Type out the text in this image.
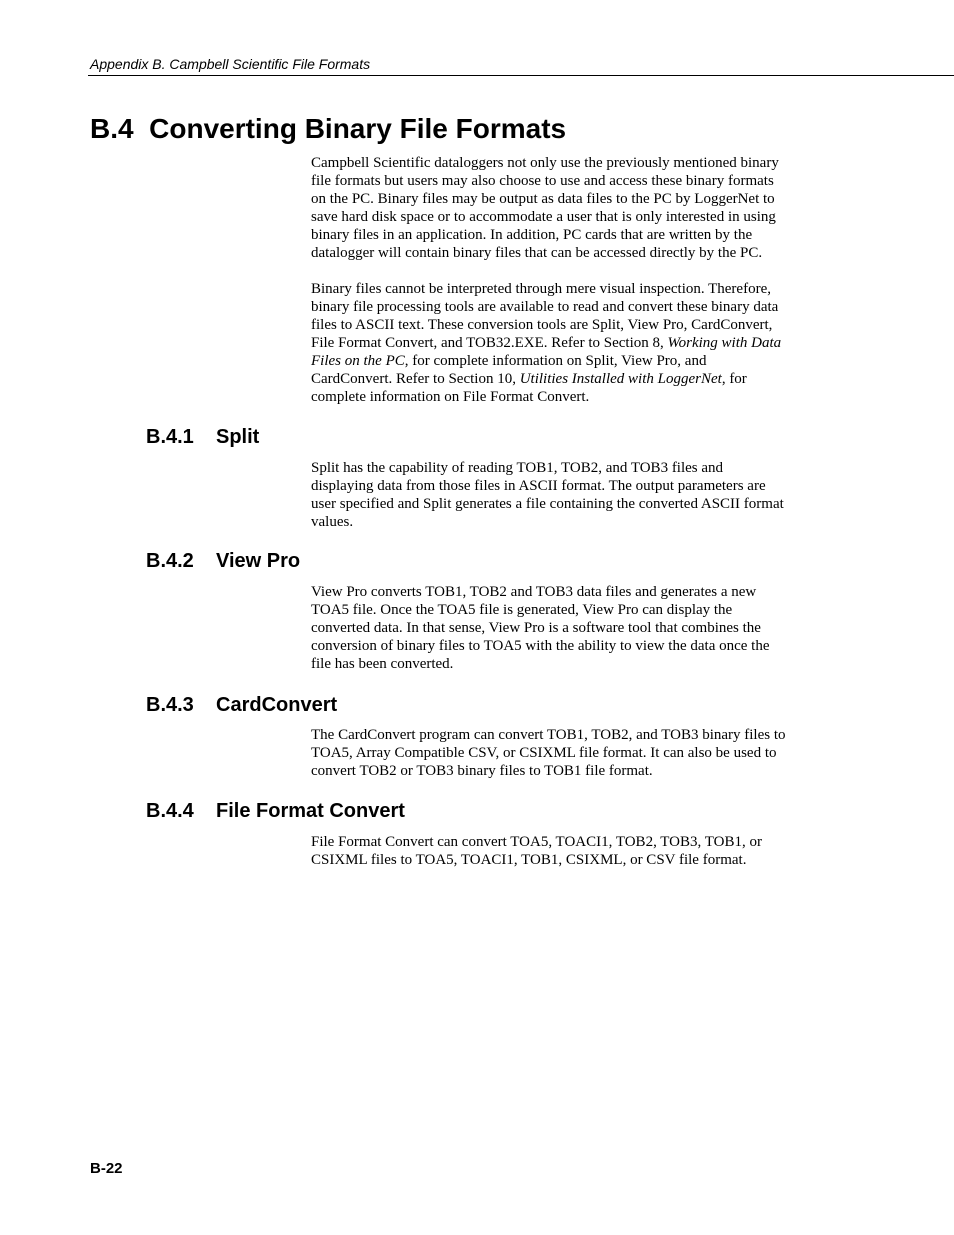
Appendix B. Campbell Scientific File Formats
B.4 Converting Binary File Formats

Campbell Scientific dataloggers not only use the previously mentioned binary
file formats but users may also choose to use and access these binary formats
on the PC. Binary files may be output as data files to the PC by LoggerNet to
save hard disk space or to accommodate a user that is only interested in using
binary files in an application. In addition, PC cards that are written by the
datalogger will contain binary files that can be accessed directly by the PC.

Binary files cannot be interpreted through mere visual inspection. Therefore,
binary file processing tools are available to read and convert these binary data
files to ASCII text. These conversion tools are Split, View Pro, CardConvert,
File Format Convert, and TOB32.EXE. Refer to Section 8, Working with Data
Files on the PC, for complete information on Split, View Pro, and
CardConvert. Refer to Section 10, Utilities Installed with LoggerNet, for
complete information on File Format Convert.

B.4.1 Split

Split has the capability of reading TOB1, TOB2, and TOB3 files and
displaying data from those files in ASCII format. The output parameters are
user specified and Split generates a file containing the converted ASCII format
values.

B.4.2 View Pro

View Pro converts TOB1, TOB2 and TOB3 data files and generates a new
TOA5 file. Once the TOA5 file is generated, View Pro can display the
converted data. In that sense, View Pro is a software tool that combines the
conversion of binary files to TOA5 with the ability to view the data once the
file has been converted.

B.4.3 CardConvert

The CardConvert program can convert TOB1, TOB2, and TOB3 binary files to
TOA5, Array Compatible CSV, or CSIXML file format. It can also be used to
convert TOB2 or TOB3 binary files to TOB1 file format.

B.4.4 File Format Convert

File Format Convert can convert TOA5, TOACI1, TOB2, TOB3, TOB1, or
CSIXML files to TOA5, TOACI1, TOB1, CSIXML, or CSV file format.

B-22
